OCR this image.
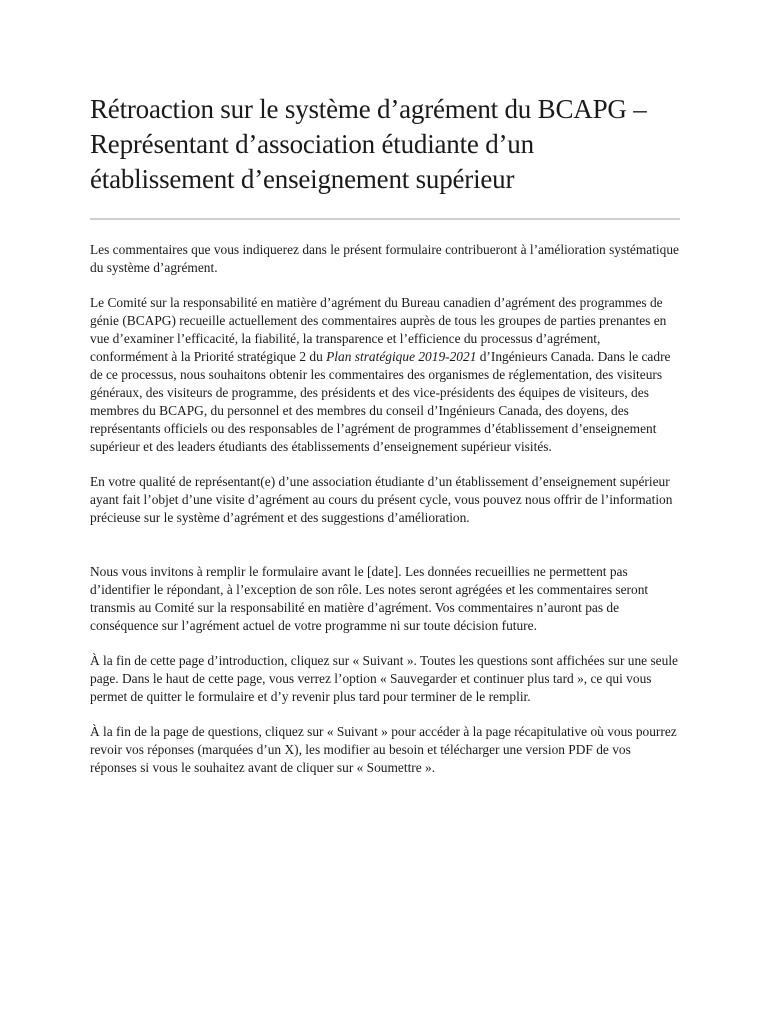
Rétroaction sur le système d’agrément du BCAPG – Représentant d’association étudiante d’un établissement d’enseignement supérieur

Les commentaires que vous indiquerez dans le présent formulaire contribueront à l’amélioration systématique du système d’agrément.

Le Comité sur la responsabilité en matière d’agrément du Bureau canadien d’agrément des programmes de génie (BCAPG) recueille actuellement des commentaires auprès de tous les groupes de parties prenantes en vue d’examiner l’efficacité, la fiabilité, la transparence et l’efficience du processus d’agrément, conformément à la Priorité stratégique 2 du Plan stratégique 2019-2021 d’Ingénieurs Canada. Dans le cadre de ce processus, nous souhaitons obtenir les commentaires des organismes de réglementation, des visiteurs généraux, des visiteurs de programme, des présidents et des vice-présidents des équipes de visiteurs, des membres du BCAPG, du personnel et des membres du conseil d’Ingénieurs Canada, des doyens, des représentants officiels ou des responsables de l’agrément de programmes d’établissement d’enseignement supérieur et des leaders étudiants des établissements d’enseignement supérieur visités.

En votre qualité de représentant(e) d’une association étudiante d’un établissement d’enseignement supérieur ayant fait l’objet d’une visite d’agrément au cours du présent cycle, vous pouvez nous offrir de l’information précieuse sur le système d’agrément et des suggestions d’amélioration.

Nous vous invitons à remplir le formulaire avant le [date]. Les données recueillies ne permettent pas d’identifier le répondant, à l’exception de son rôle. Les notes seront agrégées et les commentaires seront transmis au Comité sur la responsabilité en matière d’agrément. Vos commentaires n’auront pas de conséquence sur l’agrément actuel de votre programme ni sur toute décision future.

À la fin de cette page d’introduction, cliquez sur « Suivant ». Toutes les questions sont affichées sur une seule page. Dans le haut de cette page, vous verrez l’option « Sauvegarder et continuer plus tard », ce qui vous permet de quitter le formulaire et d’y revenir plus tard pour terminer de le remplir.

À la fin de la page de questions, cliquez sur « Suivant » pour accéder à la page récapitulative où vous pourrez revoir vos réponses (marquées d’un X), les modifier au besoin et télécharger une version PDF de vos réponses si vous le souhaitez avant de cliquer sur « Soumettre ».
